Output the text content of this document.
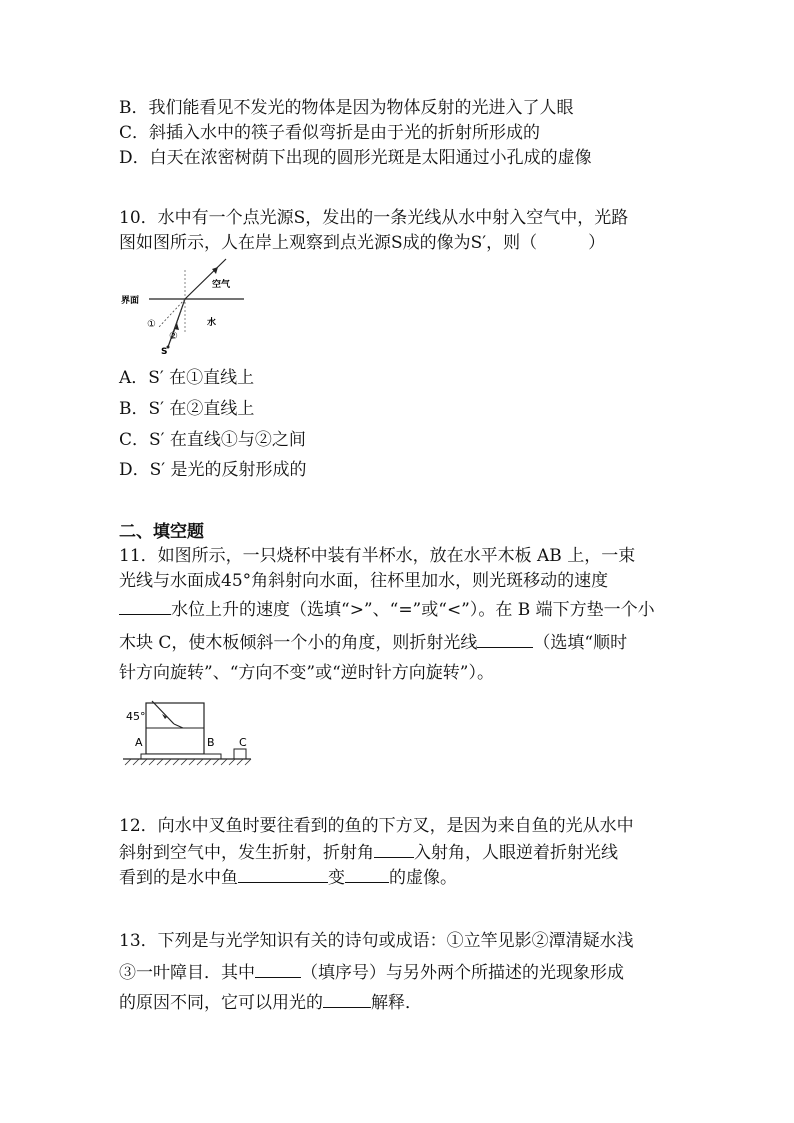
B．我们能看见不发光的物体是因为物体反射的光进入了人眼
C．斜插入水中的筷子看似弯折是由于光的折射所形成的
D．白天在浓密树荫下出现的圆形光斑是太阳通过小孔成的虚像
10．水中有一个点光源S，发出的一条光线从水中射入空气中，光路
图如图所示，人在岸上观察到点光源S成的像为S′，则（　　　）
空气
界面
水
①
②
S
A．S′ 在①直线上
B．S′ 在②直线上
C．S′ 在直线①与②之间
D．S′ 是光的反射形成的
二、填空题
11．如图所示，一只烧杯中装有半杯水，放在水平木板 AB 上，一束
光线与水面成45°角斜射向水面，往杯里加水，则光斑移动的速度
水位上升的速度（选填“>”、“=”或“<”）。在 B 端下方垫一个小
木块 C，使木板倾斜一个小的角度，则折射光线	（选填“顺时
针方向旋转”、“方向不变”或“逆时针方向旋转”）。
45°
A	B C
12．向水中叉鱼时要往看到的鱼的下方叉，是因为来自鱼的光从水中
斜射到空气中，发生折射，折射角 入射角，人眼逆着折射光线
看到的是水中鱼	变	的虚像。
13．下列是与光学知识有关的诗句或成语：①立竿见影②潭清疑水浅
③一叶障目．其中	（填序号）与另外两个所描述的光现象形成
的原因不同，它可以用光的	解释．
